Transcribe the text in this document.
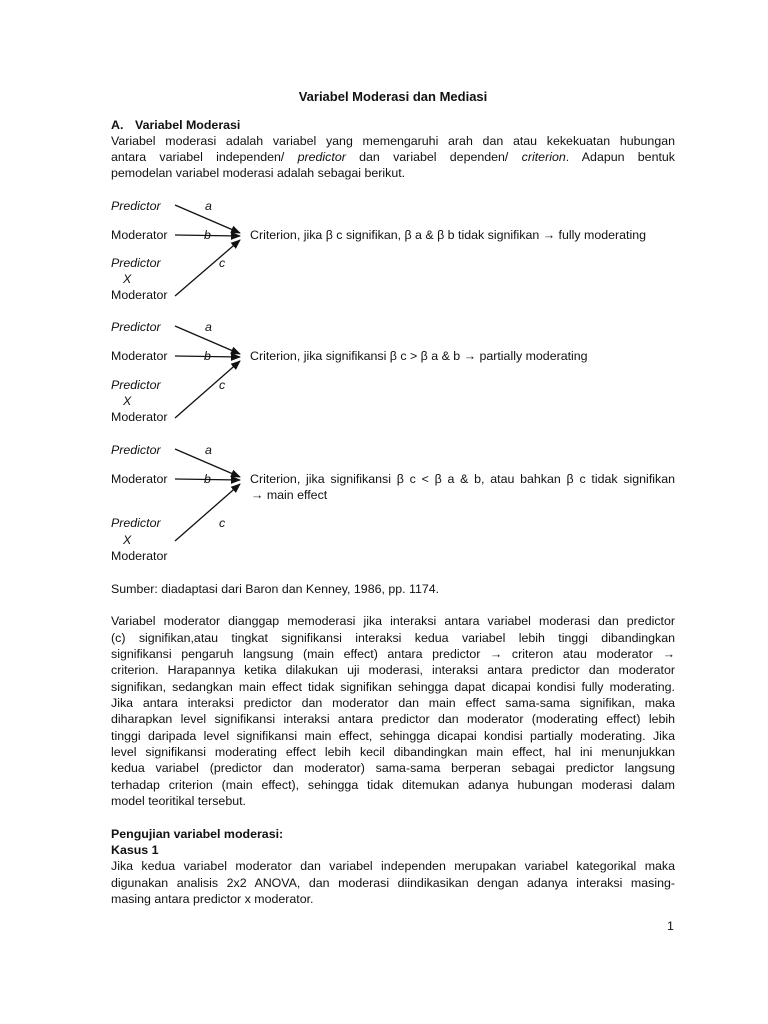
Variabel Moderasi dan Mediasi
A. Variabel Moderasi
Variabel moderasi adalah variabel yang memengaruhi arah dan atau kekekuatan hubungan
antara variabel independen/ predictor dan variabel dependen/ criterion. Adapun bentuk
pemodelan variabel moderasi adalah sebagai berikut.
Predictor	a
Moderator	b	Criterion, jika β c signifikan, β a & β b tidak signifikan → fully moderating
Predictor	c
X
Moderator
Predictor	a
Moderator	b	Criterion, jika signifikansi β c > β a & b → partially moderating
Predictor	c
X
Moderator
Predictor	a
Moderator	b	Criterion, jika signifikansi β c < β a & b, atau bahkan β c tidak signifikan
→ main effect
Predictor	c
X
Moderator
Sumber: diadaptasi dari Baron dan Kenney, 1986, pp. 1174.
Variabel moderator dianggap memoderasi jika interaksi antara variabel moderasi dan predictor
(c) signifikan,atau tingkat signifikansi interaksi kedua variabel lebih tinggi dibandingkan
signifikansi pengaruh langsung (main effect) antara predictor → criteron atau moderator →
criterion. Harapannya ketika dilakukan uji moderasi, interaksi antara predictor dan moderator
signifikan, sedangkan main effect tidak signifikan sehingga dapat dicapai kondisi fully moderating.
Jika antara interaksi predictor dan moderator dan main effect sama-sama signifikan, maka
diharapkan level signifikansi interaksi antara predictor dan moderator (moderating effect) lebih
tinggi daripada level signifikansi main effect, sehingga dicapai kondisi partially moderating. Jika
level signifikansi moderating effect lebih kecil dibandingkan main effect, hal ini menunjukkan
kedua variabel (predictor dan moderator) sama-sama berperan sebagai predictor langsung
terhadap criterion (main effect), sehingga tidak ditemukan adanya hubungan moderasi dalam
model teoritikal tersebut.
Pengujian variabel moderasi:
Kasus 1
Jika kedua variabel moderator dan variabel independen merupakan variabel kategorikal maka
digunakan analisis 2x2 ANOVA, dan moderasi diindikasikan dengan adanya interaksi masing-
masing antara predictor x moderator.
1
